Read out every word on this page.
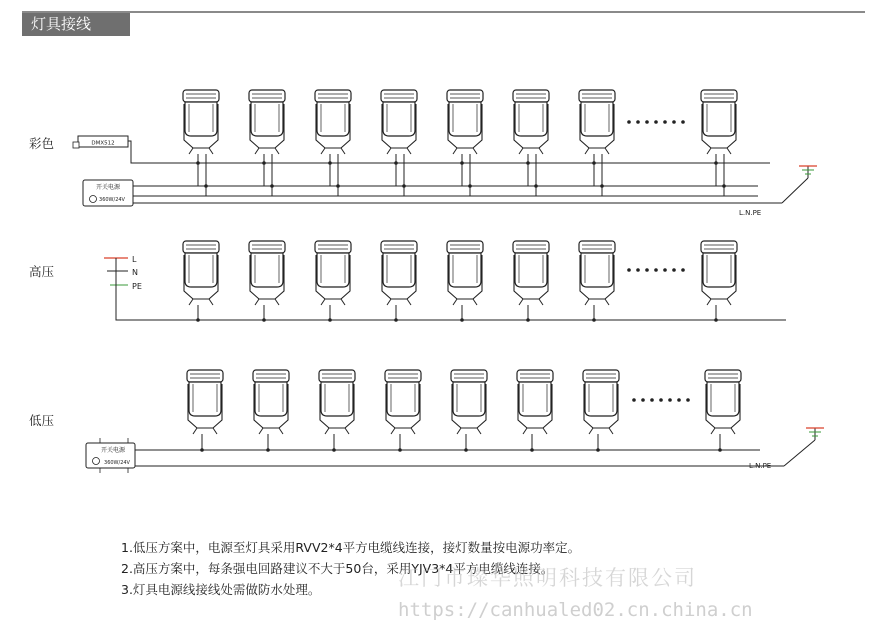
灯具接线
彩色
高压
低压
DMX512
开关电源
360W/24V
L.N.PE
L
N
PE
开关电源
360W/24V	L.N.PE
1.低压方案中，电源至灯具采用RVV2*4平方电缆线连接，接灯数量按电源功率定。
2.高压方案中，每条强电回路建议不大于50台，采用YJV3*4平方电缆线连接。
3.灯具电源线接线处需做防水处理。	江门市璨华照明科技有限公司
https://canhualed02.cn.china.cn
